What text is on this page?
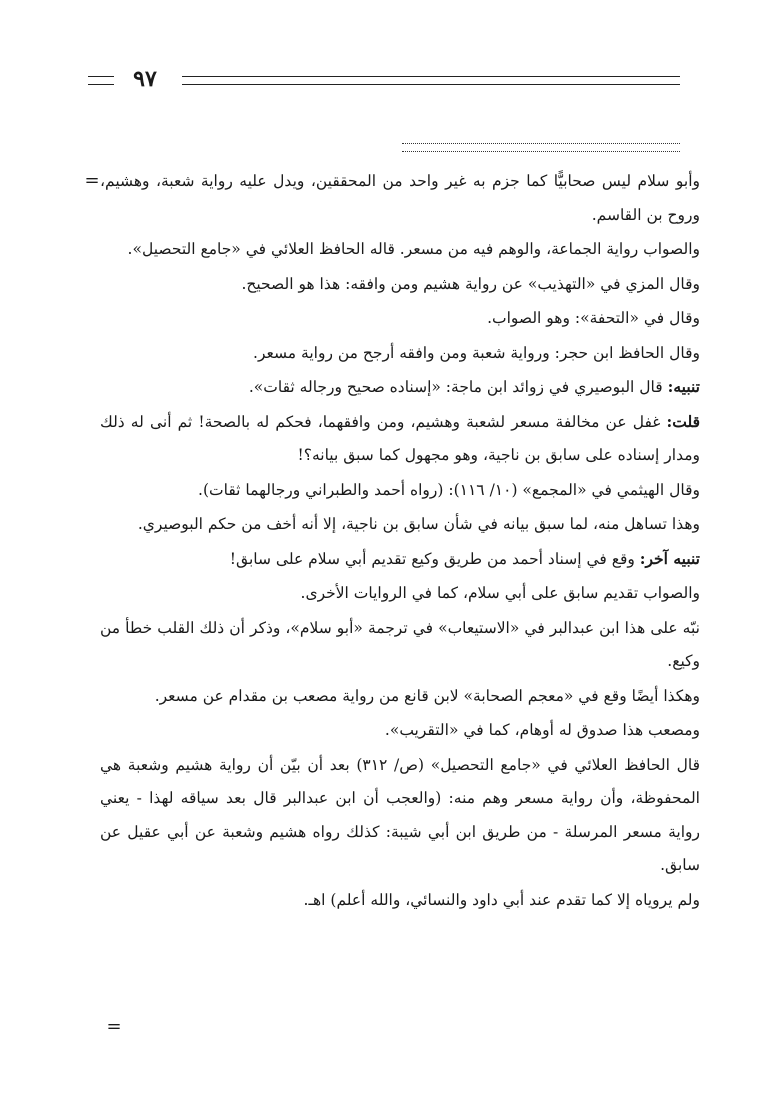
٩٧
=
=

وأبو سلام ليس صحابيًّا كما جزم به غير واحد من المحققين، ويدل عليه رواية شعبة، وهشيم، وروح بن القاسم.

والصواب رواية الجماعة، والوهم فيه من مسعر. قاله الحافظ العلائي في «جامع التحصيل».

وقال المزي في «التهذيب» عن رواية هشيم ومن وافقه: هذا هو الصحيح.

وقال في «التحفة»: وهو الصواب.

وقال الحافظ ابن حجر: ورواية شعبة ومن وافقه أرجح من رواية مسعر.

تنبيه: قال البوصيري في زوائد ابن ماجة: «إسناده صحيح ورجاله ثقات».

قلت: غفل عن مخالفة مسعر لشعبة وهشيم، ومن وافقهما، فحكم له بالصحة! ثم أنى له ذلك ومدار إسناده على سابق بن ناجية، وهو مجهول كما سبق بيانه؟!

وقال الهيثمي في «المجمع» (١٠/ ١١٦): (رواه أحمد والطبراني ورجالهما ثقات).

وهذا تساهل منه، لما سبق بيانه في شأن سابق بن ناجية، إلا أنه أخف من حكم البوصيري.

تنبيه آخر: وقع في إسناد أحمد من طريق وكيع تقديم أبي سلام على سابق!

والصواب تقديم سابق على أبي سلام، كما في الروايات الأخرى.

نبّه على هذا ابن عبدالبر في «الاستيعاب» في ترجمة «أبو سلام»، وذكر أن ذلك القلب خطأ من وكيع.

وهكذا أيضًا وقع في «معجم الصحابة» لابن قانع من رواية مصعب بن مقدام عن مسعر.

ومصعب هذا صدوق له أوهام، كما في «التقريب».

قال الحافظ العلائي في «جامع التحصيل» (ص/ ٣١٢) بعد أن بيّن أن رواية هشيم وشعبة هي المحفوظة، وأن رواية مسعر وهم منه: (والعجب أن ابن عبدالبر قال بعد سياقه لهذا - يعني رواية مسعر المرسلة - من طريق ابن أبي شيبة: كذلك رواه هشيم وشعبة عن أبي عقيل عن سابق.

ولم يروياه إلا كما تقدم عند أبي داود والنسائي، والله أعلم) اهـ.
